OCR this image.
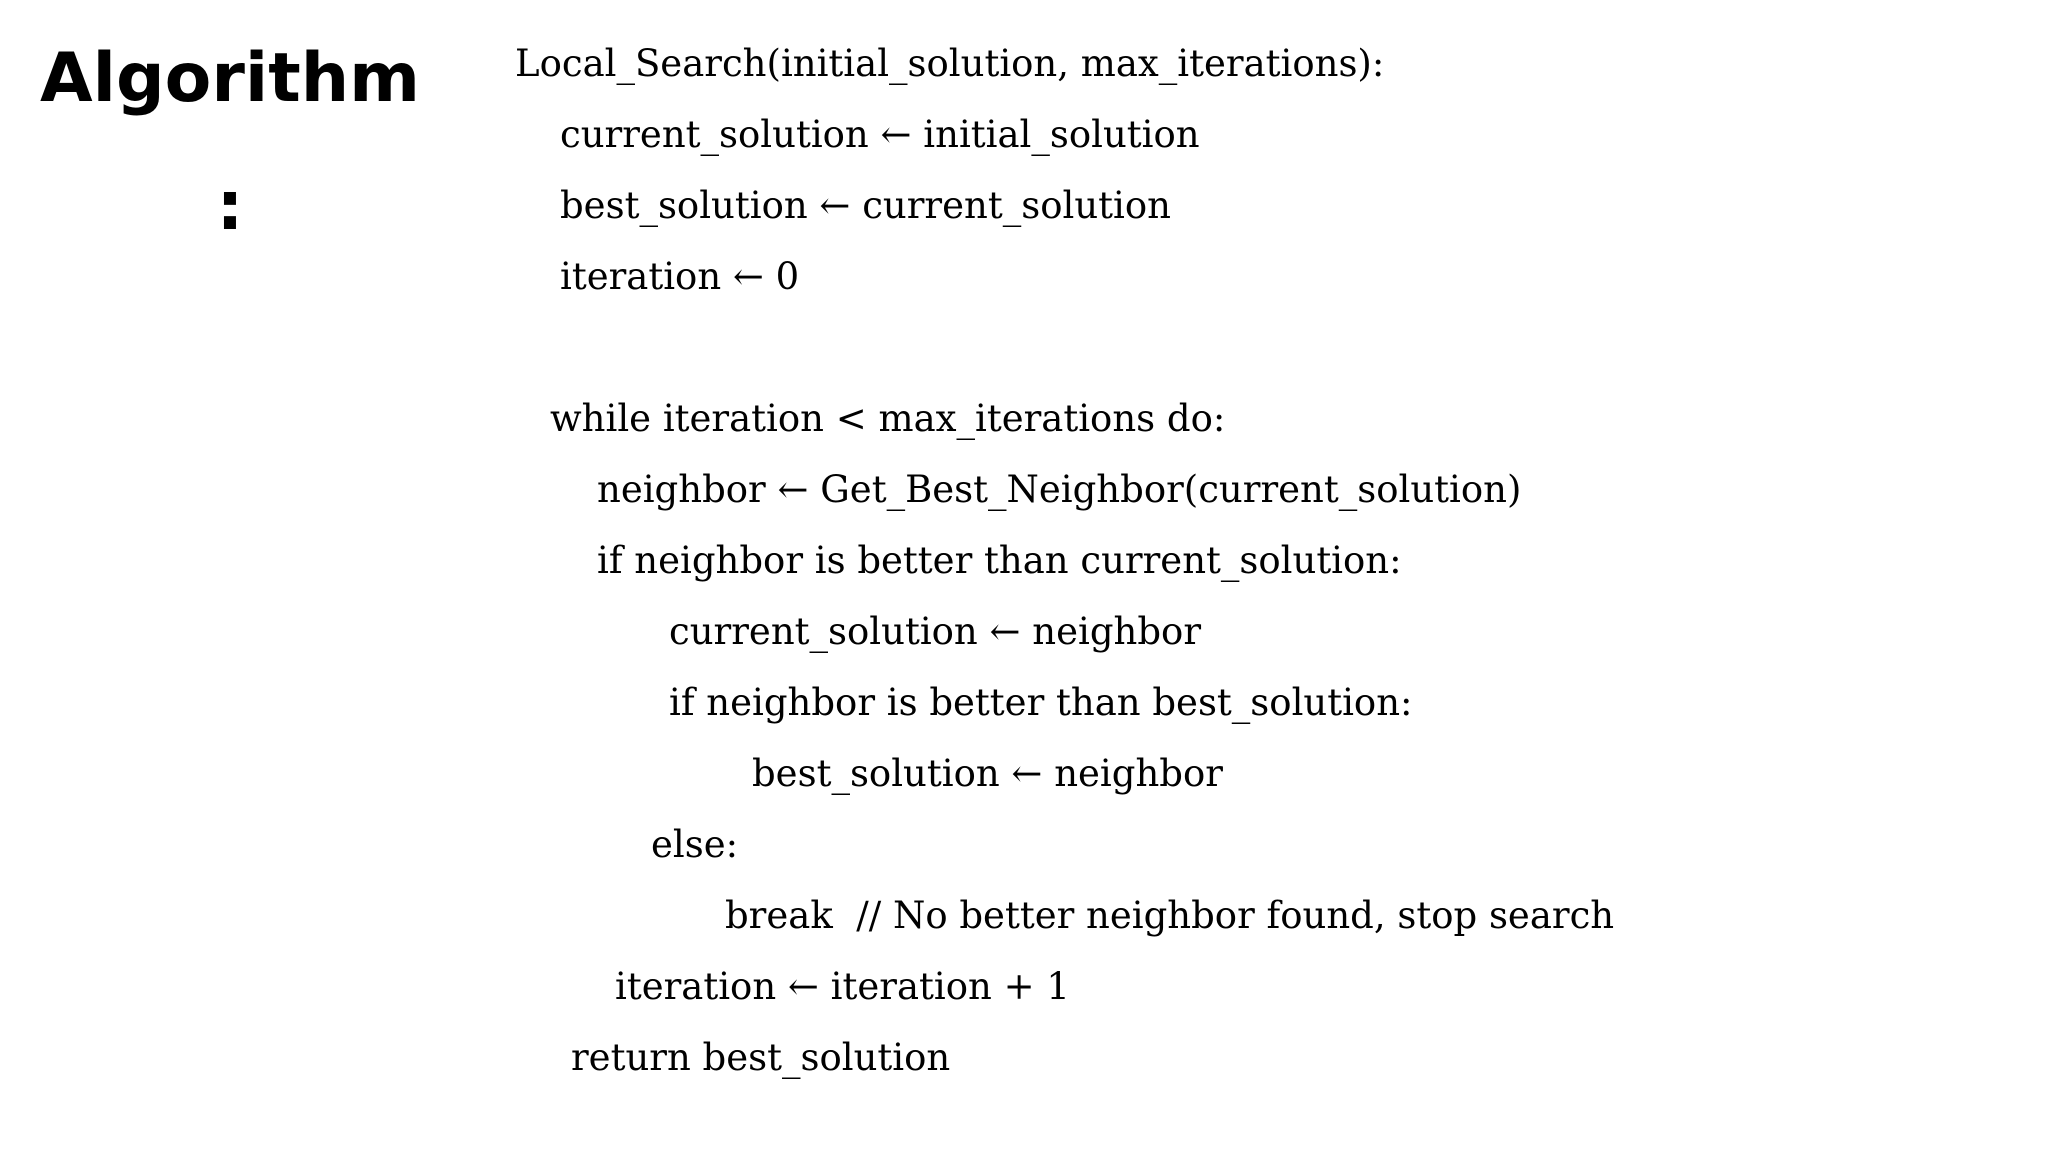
Algorithm
:
Local_Search(initial_solution, max_iterations):
current_solution ← initial_solution
best_solution ← current_solution
iteration ← 0
while iteration < max_iterations do:
neighbor ← Get_Best_Neighbor(current_solution)
if neighbor is better than current_solution:
current_solution ← neighbor
if neighbor is better than best_solution:
best_solution ← neighbor
else:
break  // No better neighbor found, stop search
iteration ← iteration + 1
return best_solution
